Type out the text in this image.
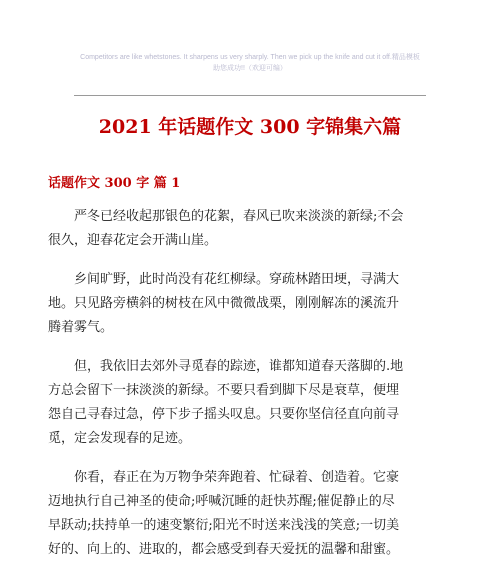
Competitors are like whetstones. It sharpens us very sharply. Then we pick up the knife and cut it off.精品模板
助您成功!!（欢迎可编）
2021 年话题作文 300 字锦集六篇
话题作文 300 字 篇 1
　　严冬已经收起那银色的花絮，春风已吹来淡淡的新绿;不会
很久，迎春花定会开满山崖。
　　乡间旷野，此时尚没有花红柳绿。穿疏林踏田埂，寻满大
地。只见路旁横斜的树枝在风中微微战栗，刚刚解冻的溪流升
腾着雾气。
　　但，我依旧去郊外寻觅春的踪迹，谁都知道春天落脚的.地
方总会留下一抹淡淡的新绿。不要只看到脚下尽是衰草，便埋
怨自己寻春过急，停下步子摇头叹息。只要你坚信径直向前寻
觅，定会发现春的足迹。
　　你看，春正在为万物争荣奔跑着、忙碌着、创造着。它豪
迈地执行自己神圣的使命;呼喊沉睡的赶快苏醒;催促静止的尽
早跃动;扶持单一的速变繁衍;阳光不时送来浅浅的笑意;一切美
好的、向上的、进取的，都会感受到春天爱抚的温馨和甜蜜。
